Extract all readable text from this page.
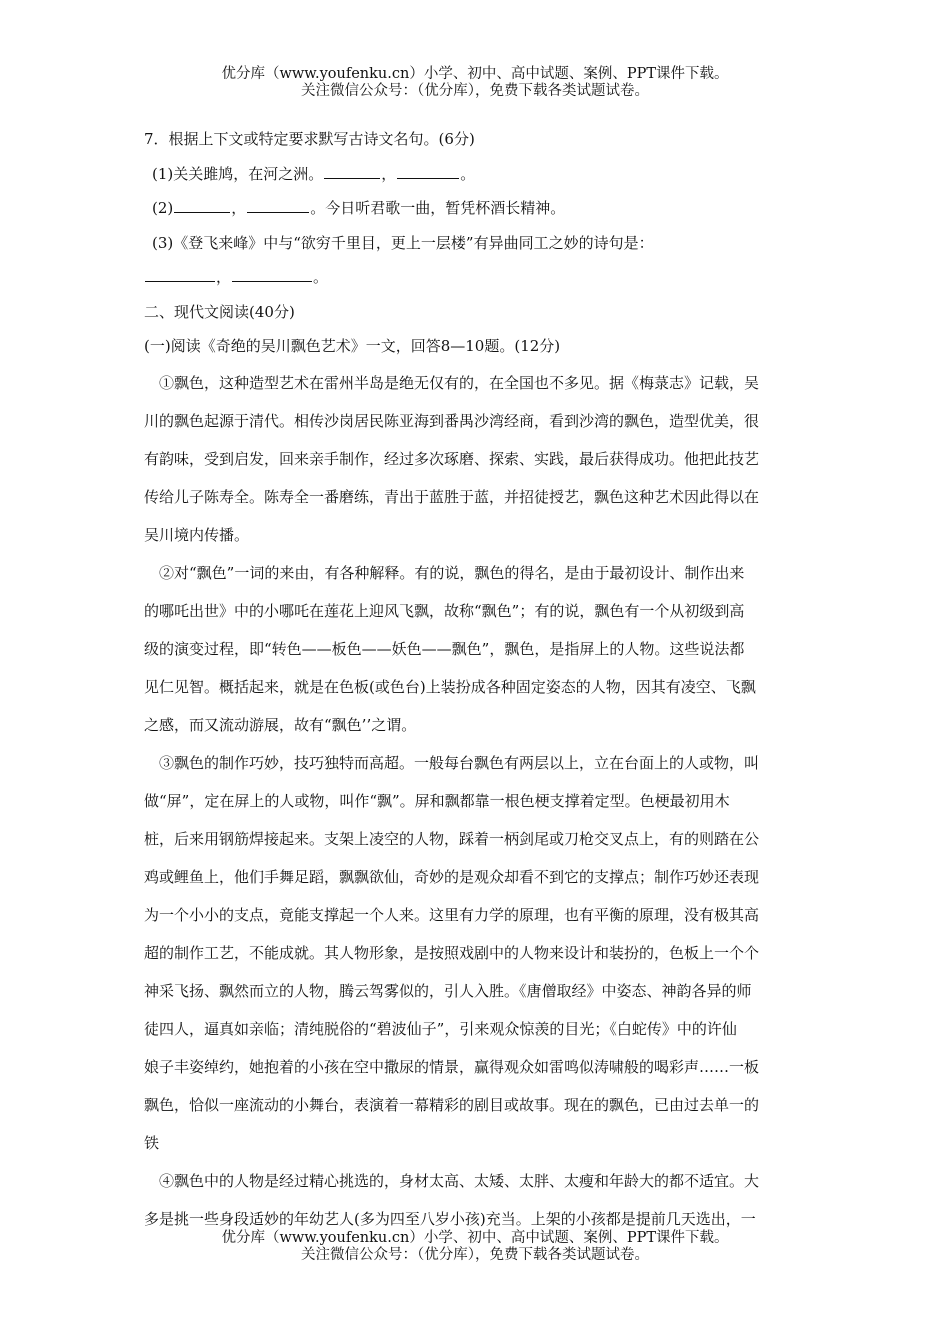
优分库（www.youfenku.cn）小学、初中、高中试题、案例、PPT课件下载。
关注微信公众号：（优分库），免费下载各类试题试卷。
7．根据上下文或特定要求默写古诗文名句。(6分)
(1)关关雎鸠，在河之洲。	，	。
(2)	，	。今日听君歌一曲，暂凭杯酒长精神。
(3)《登飞来峰》中与“欲穷千里目，更上一层楼”有异曲同工之妙的诗句是：
，	。
二、现代文阅读(40分)
(一)阅读《奇绝的吴川飘色艺术》一文，回答8—10题。(12分)
①飘色，这种造型艺术在雷州半岛是绝无仅有的，在全国也不多见。据《梅菉志》记载，吴
川的飘色起源于清代。相传沙岗居民陈亚海到番禺沙湾经商，看到沙湾的飘色，造型优美，很
有韵味，受到启发，回来亲手制作，经过多次琢磨、探索、实践，最后获得成功。他把此技艺
传给儿子陈寿全。陈寿全一番磨练，青出于蓝胜于蓝，并招徒授艺，飘色这种艺术因此得以在
吴川境内传播。
②对“飘色”一词的来由，有各种解释。有的说，飘色的得名，是由于最初设计、制作出来
的哪吒出世》中的小哪吒在莲花上迎风飞飘，故称“飘色”；有的说，飘色有一个从初级到高
级的演变过程，即“转色——板色——妖色——飘色”，飘色，是指屏上的人物。这些说法都
见仁见智。概括起来，就是在色板(或色台)上装扮成各种固定姿态的人物，因其有凌空、飞飘
之感，而又流动游展，故有“飘色’’之谓。
③飘色的制作巧妙，技巧独特而高超。一般每台飘色有两层以上，立在台面上的人或物，叫
做“屏”，定在屏上的人或物，叫作“飘”。屏和飘都靠一根色梗支撑着定型。色梗最初用木
桩，后来用钢筋焊接起来。支架上凌空的人物，踩着一柄剑尾或刀枪交叉点上，有的则踏在公
鸡或鲤鱼上，他们手舞足蹈，飘飘欲仙，奇妙的是观众却看不到它的支撑点；制作巧妙还表现
为一个小小的支点，竟能支撑起一个人来。这里有力学的原理，也有平衡的原理，没有极其高
超的制作工艺，不能成就。其人物形象，是按照戏剧中的人物来设计和装扮的，色板上一个个
神采飞扬、飘然而立的人物，腾云驾雾似的，引人入胜。《唐僧取经》中姿态、神韵各异的师
徒四人，逼真如亲临；清纯脱俗的“碧波仙子”，引来观众惊羡的目光；《白蛇传》中的许仙
娘子丰姿绰约，她抱着的小孩在空中撒尿的情景，赢得观众如雷鸣似涛啸般的喝彩声……一板
飘色，恰似一座流动的小舞台，表演着一幕精彩的剧目或故事。现在的飘色，已由过去单一的
铁
④飘色中的人物是经过精心挑选的，身材太高、太矮、太胖、太瘦和年龄大的都不适宜。大
多是挑一些身段适妙的年幼艺人(多为四至八岁小孩)充当。上架的小孩都是提前几天选出，一
优分库（www.youfenku.cn）小学、初中、高中试题、案例、PPT课件下载。
关注微信公众号：（优分库），免费下载各类试题试卷。
